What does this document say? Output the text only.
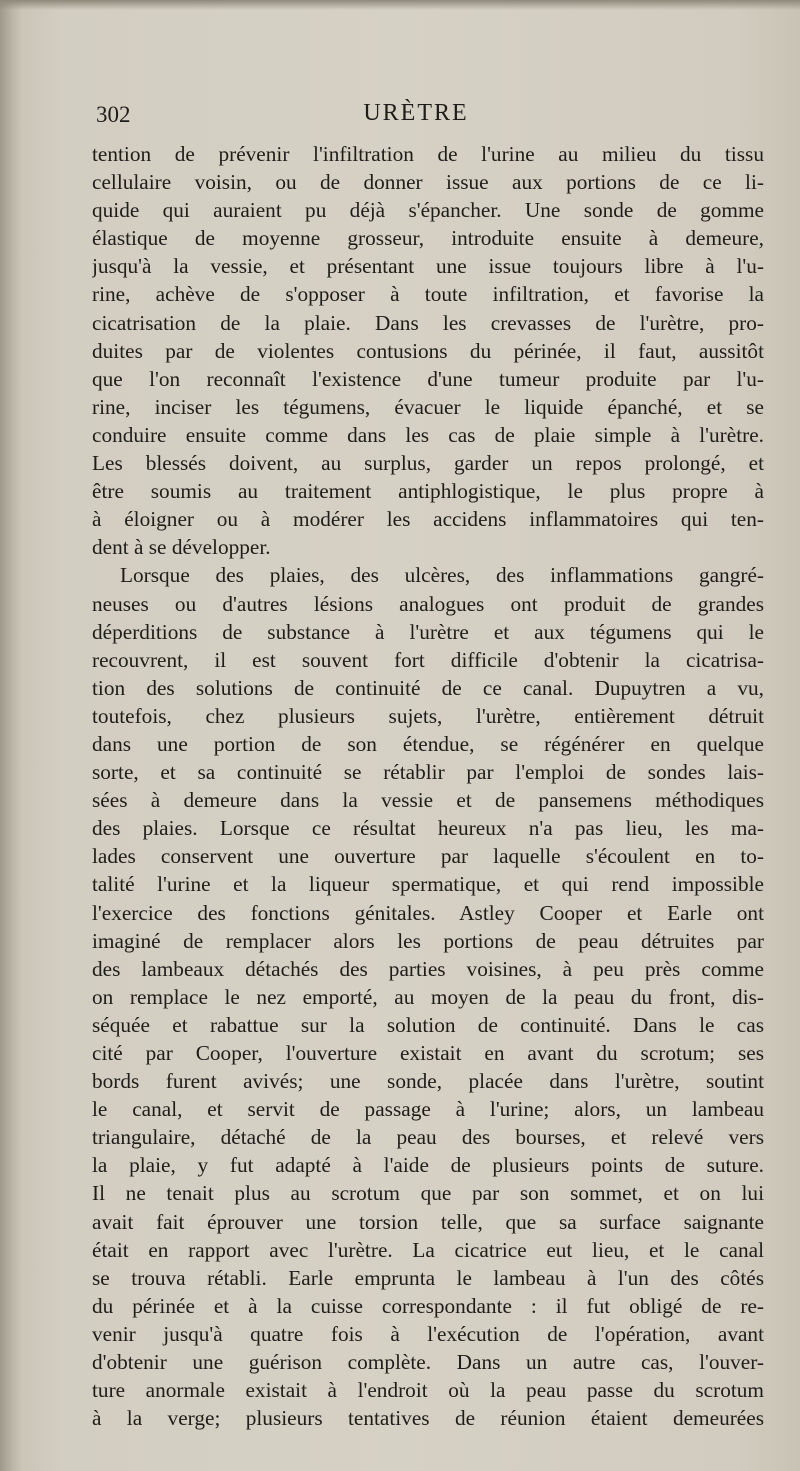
302	URÈTRE
tention de prévenir l'infiltration de l'urine au milieu du tissu
cellulaire voisin, ou de donner issue aux portions de ce li-
quide qui auraient pu déjà s'épancher. Une sonde de gomme
élastique de moyenne grosseur, introduite ensuite à demeure,
jusqu'à la vessie, et présentant une issue toujours libre à l'u-
rine, achève de s'opposer à toute infiltration, et favorise la
cicatrisation de la plaie. Dans les crevasses de l'urètre, pro-
duites par de violentes contusions du périnée, il faut, aussitôt
que l'on reconnaît l'existence d'une tumeur produite par l'u-
rine, inciser les tégumens, évacuer le liquide épanché, et se
conduire ensuite comme dans les cas de plaie simple à l'urètre.
Les blessés doivent, au surplus, garder un repos prolongé, et
être soumis au traitement antiphlogistique, le plus propre à
à éloigner ou à modérer les accidens inflammatoires qui ten-
dent à se développer.
Lorsque des plaies, des ulcères, des inflammations gangré-
neuses ou d'autres lésions analogues ont produit de grandes
déperditions de substance à l'urètre et aux tégumens qui le
recouvrent, il est souvent fort difficile d'obtenir la cicatrisa-
tion des solutions de continuité de ce canal. Dupuytren a vu,
toutefois, chez plusieurs sujets, l'urètre, entièrement détruit
dans une portion de son étendue, se régénérer en quelque
sorte, et sa continuité se rétablir par l'emploi de sondes lais-
sées à demeure dans la vessie et de pansemens méthodiques
des plaies. Lorsque ce résultat heureux n'a pas lieu, les ma-
lades conservent une ouverture par laquelle s'écoulent en to-
talité l'urine et la liqueur spermatique, et qui rend impossible
l'exercice des fonctions génitales. Astley Cooper et Earle ont
imaginé de remplacer alors les portions de peau détruites par
des lambeaux détachés des parties voisines, à peu près comme
on remplace le nez emporté, au moyen de la peau du front, dis-
séquée et rabattue sur la solution de continuité. Dans le cas
cité par Cooper, l'ouverture existait en avant du scrotum; ses
bords furent avivés; une sonde, placée dans l'urètre, soutint
le canal, et servit de passage à l'urine; alors, un lambeau
triangulaire, détaché de la peau des bourses, et relevé vers
la plaie, y fut adapté à l'aide de plusieurs points de suture.
Il ne tenait plus au scrotum que par son sommet, et on lui
avait fait éprouver une torsion telle, que sa surface saignante
était en rapport avec l'urètre. La cicatrice eut lieu, et le canal
se trouva rétabli. Earle emprunta le lambeau à l'un des côtés
du périnée et à la cuisse correspondante : il fut obligé de re-
venir jusqu'à quatre fois à l'exécution de l'opération, avant
d'obtenir une guérison complète. Dans un autre cas, l'ouver-
ture anormale existait à l'endroit où la peau passe du scrotum
à la verge; plusieurs tentatives de réunion étaient demeurées
